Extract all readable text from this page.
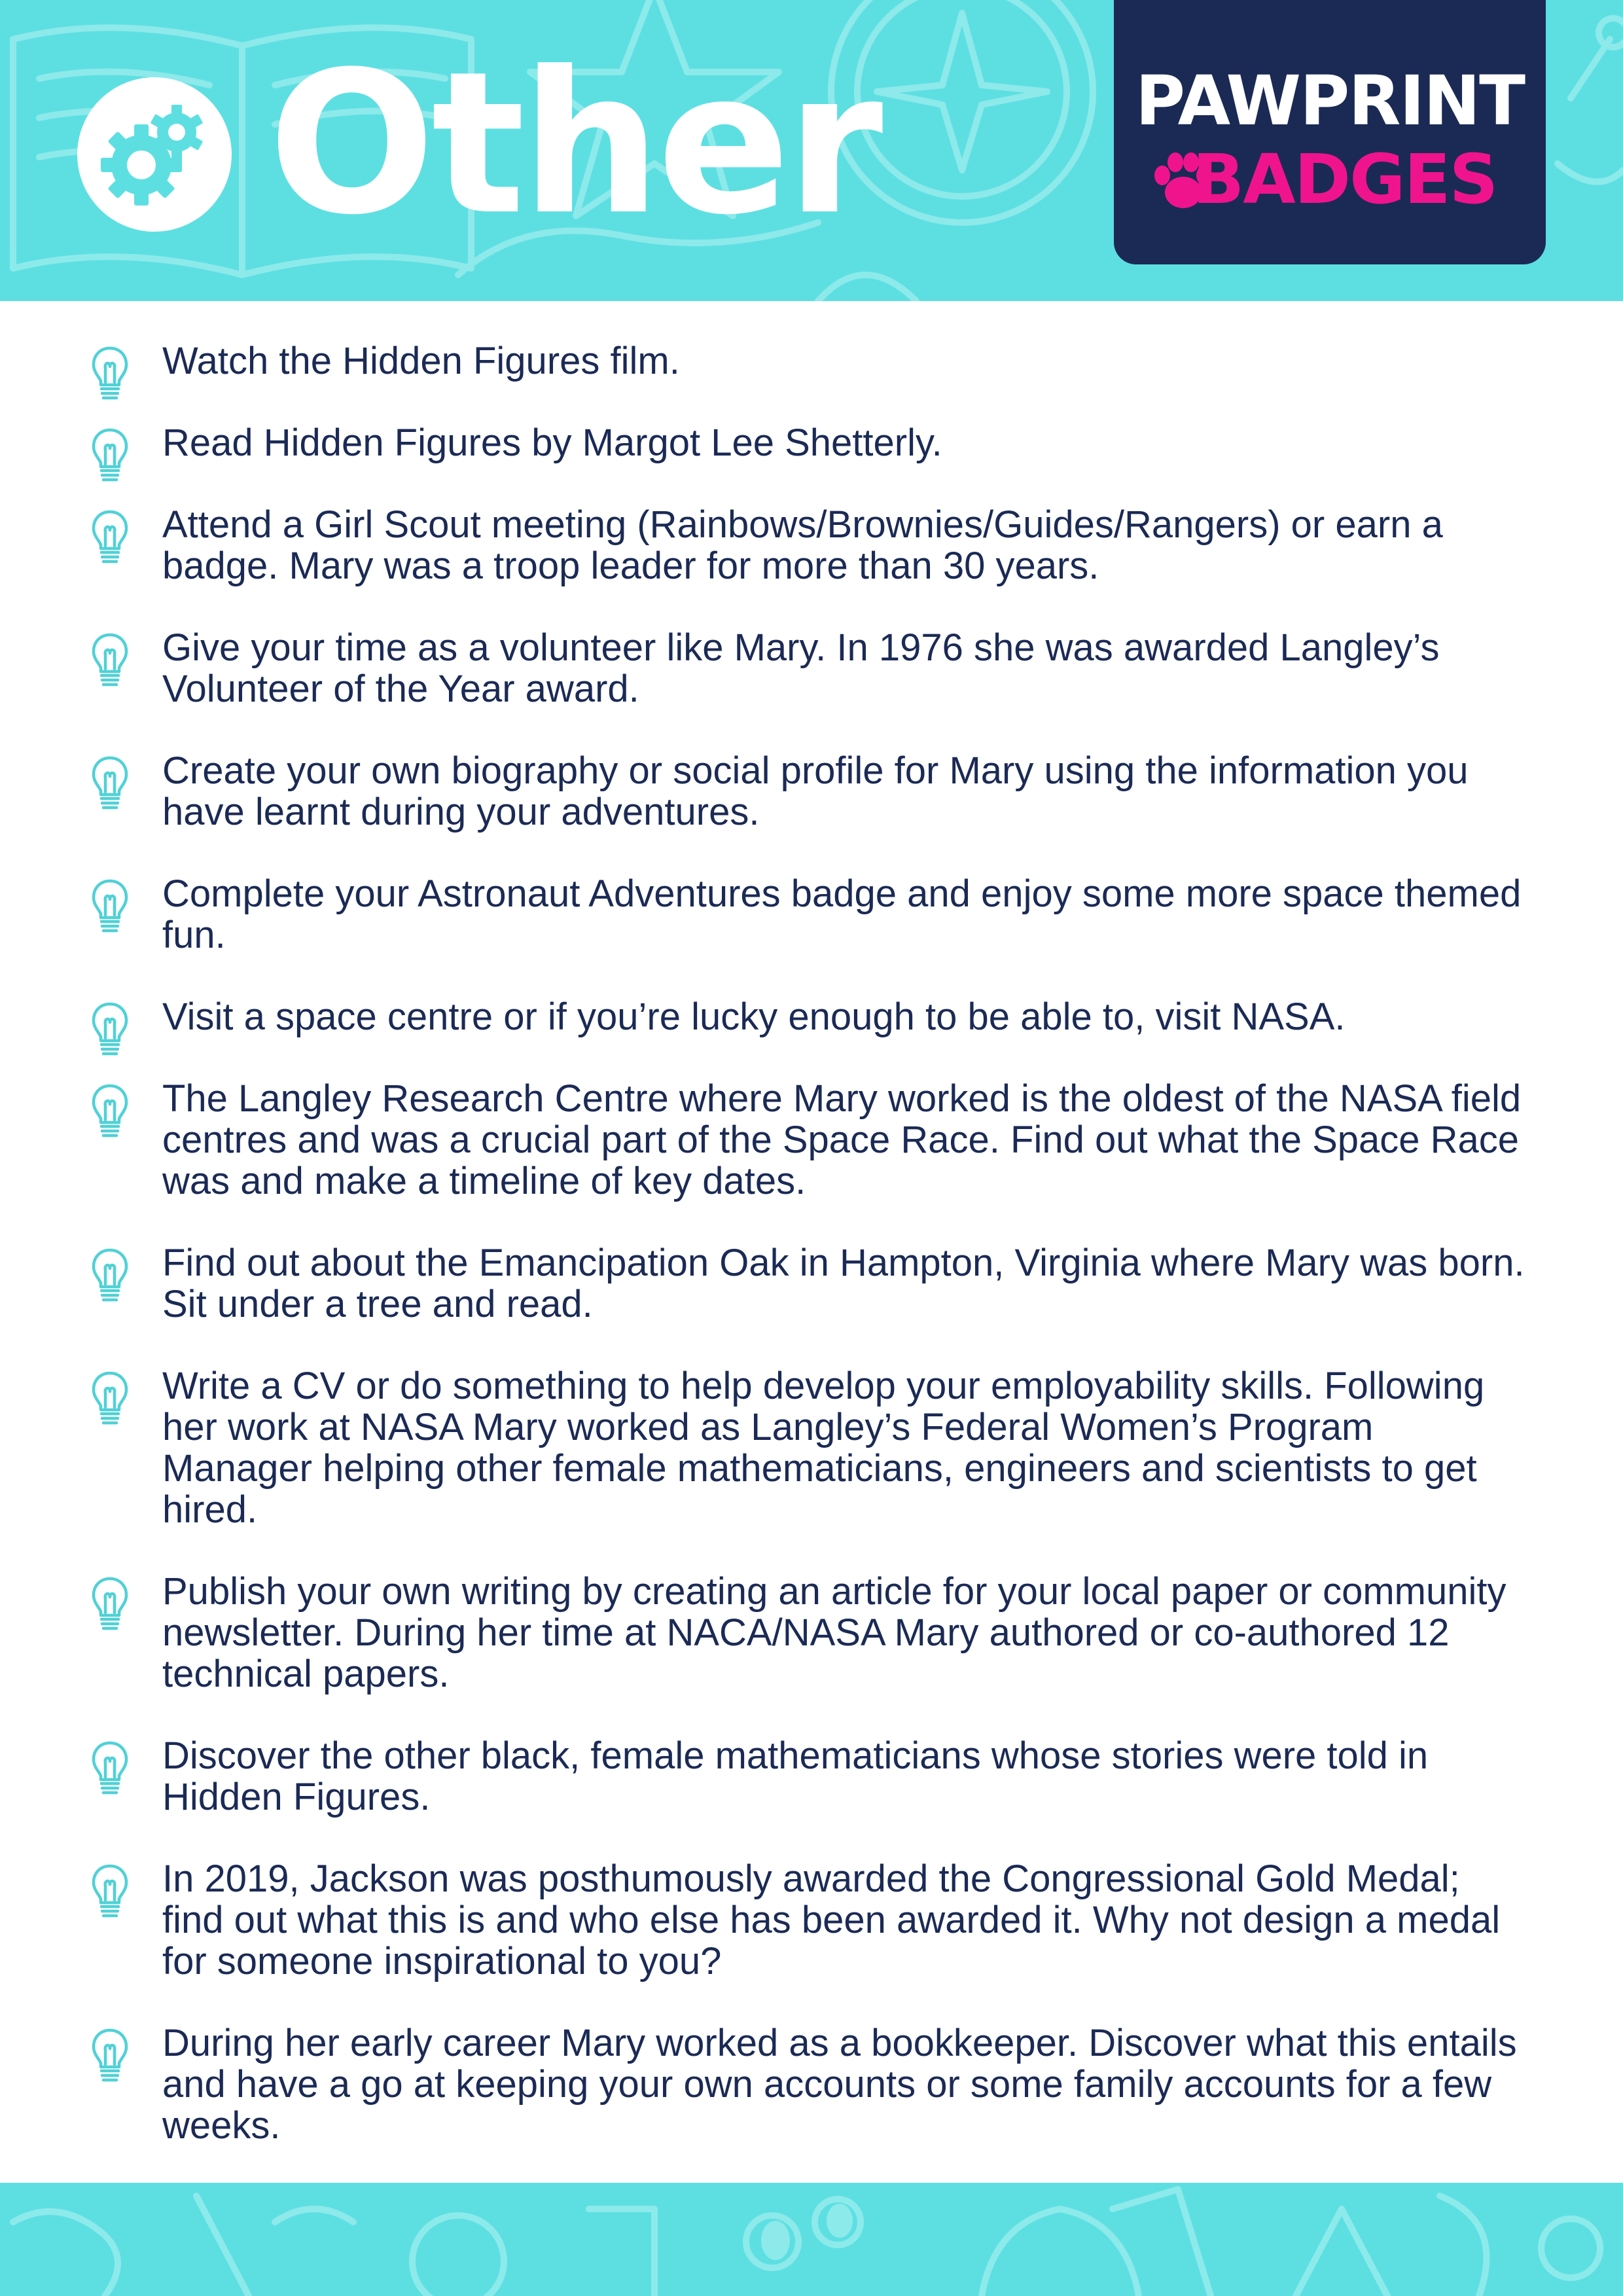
Other	PAWPRINT
BADGES
Watch the Hidden Figures film.
Read Hidden Figures by Margot Lee Shetterly.
Attend a Girl Scout meeting (Rainbows/Brownies/Guides/Rangers) or earn a badge. Mary was a troop leader for more than 30 years.
Give your time as a volunteer like Mary. In 1976 she was awarded Langley’s Volunteer of the Year award.
Create your own biography or social profile for Mary using the information you have learnt during your adventures.
Complete your Astronaut Adventures badge and enjoy some more space themed fun.
Visit a space centre or if you’re lucky enough to be able to, visit NASA.
The Langley Research Centre where Mary worked is the oldest of the NASA field centres and was a crucial part of the Space Race. Find out what the Space Race was and make a timeline of key dates.
Find out about the Emancipation Oak in Hampton, Virginia where Mary was born. Sit under a tree and read.
Write a CV or do something to help develop your employability skills. Following her work at NASA Mary worked as Langley’s Federal Women’s Program Manager helping other female mathematicians, engineers and scientists to get hired.
Publish your own writing by creating an article for your local paper or community newsletter. During her time at NACA/NASA Mary authored or co-authored 12 technical papers.
Discover the other black, female mathematicians whose stories were told in Hidden Figures.
In 2019, Jackson was posthumously awarded the Congressional Gold Medal; find out what this is and who else has been awarded it. Why not design a medal for someone inspirational to you?
During her early career Mary worked as a bookkeeper. Discover what this entails and have a go at keeping your own accounts or some family accounts for a few weeks.
